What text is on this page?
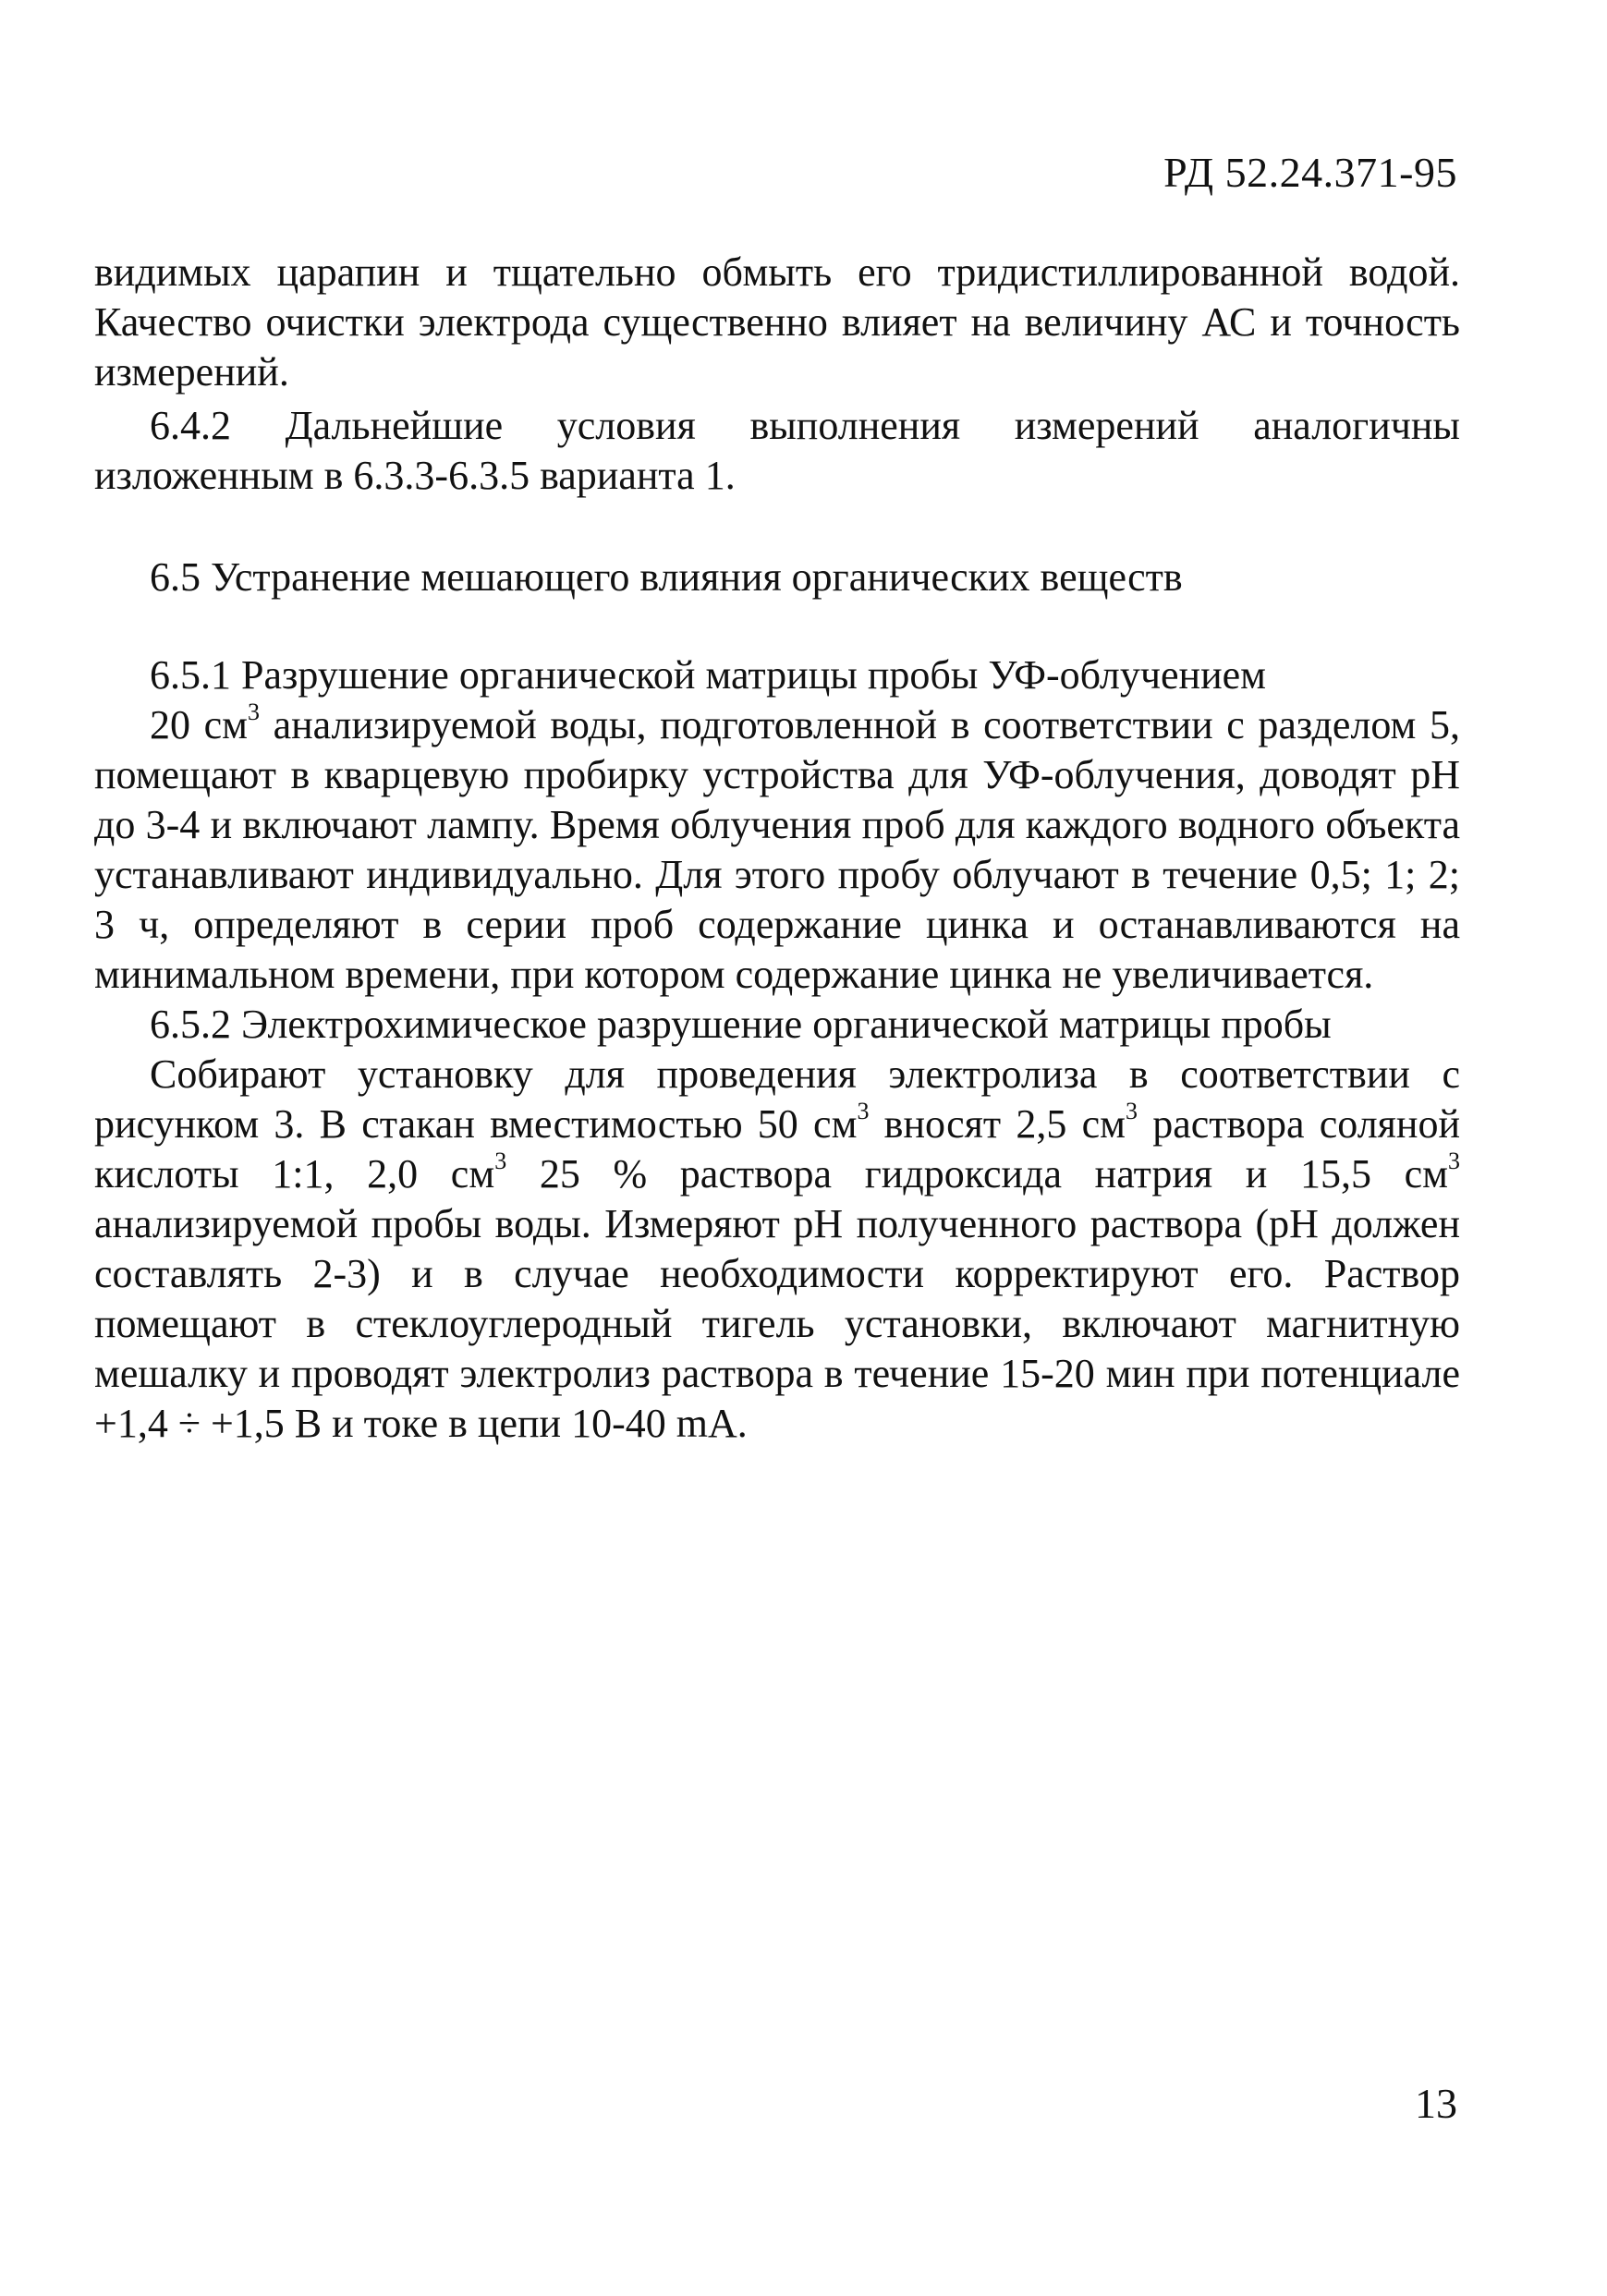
РД 52.24.371-95

видимых царапин и тщательно обмыть его тридистиллированной водой. Качество очистки электрода существенно влияет на величину АС и точность измерений.

6.4.2 Дальнейшие условия выполнения измерений аналогичны изложенным в 6.3.3-6.3.5 варианта 1.

6.5 Устранение мешающего влияния органических веществ

6.5.1 Разрушение органической матрицы пробы УФ-облучением

20 $см^3$ анализируемой воды, подготовленной в соответствии с разделом 5, помещают в кварцевую пробирку устройства для УФ-облучения, доводят рН до 3-4 и включают лампу. Время облучения проб для каждого водного объекта устанавливают индивидуально. Для этого пробу облучают в течение 0,5; 1; 2; 3 ч, определяют в серии проб содержание цинка и останавливаются на минимальном времени, при котором содержание цинка не увеличивается.

6.5.2 Электрохимическое разрушение органической матрицы пробы

Собирают установку для проведения электролиза в соответствии с рисунком 3. В стакан вместимостью 50 $см^3$ вносят 2,5 $см^3$ раствора соляной кислоты 1:1, 2,0 $см^3$ 25 % раствора гидроксида натрия и 15,5 $см^3$ анализируемой пробы воды. Измеряют рН полученного раствора (рН должен составлять 2-3) и в случае необходимости корректируют его. Раствор помещают в стеклоуглеродный тигель установки, включают магнитную мешалку и проводят электролиз раствора в течение 15-20 мин при потенциале +1,4 ÷ +1,5 В и токе в цепи 10-40 mA.

13
